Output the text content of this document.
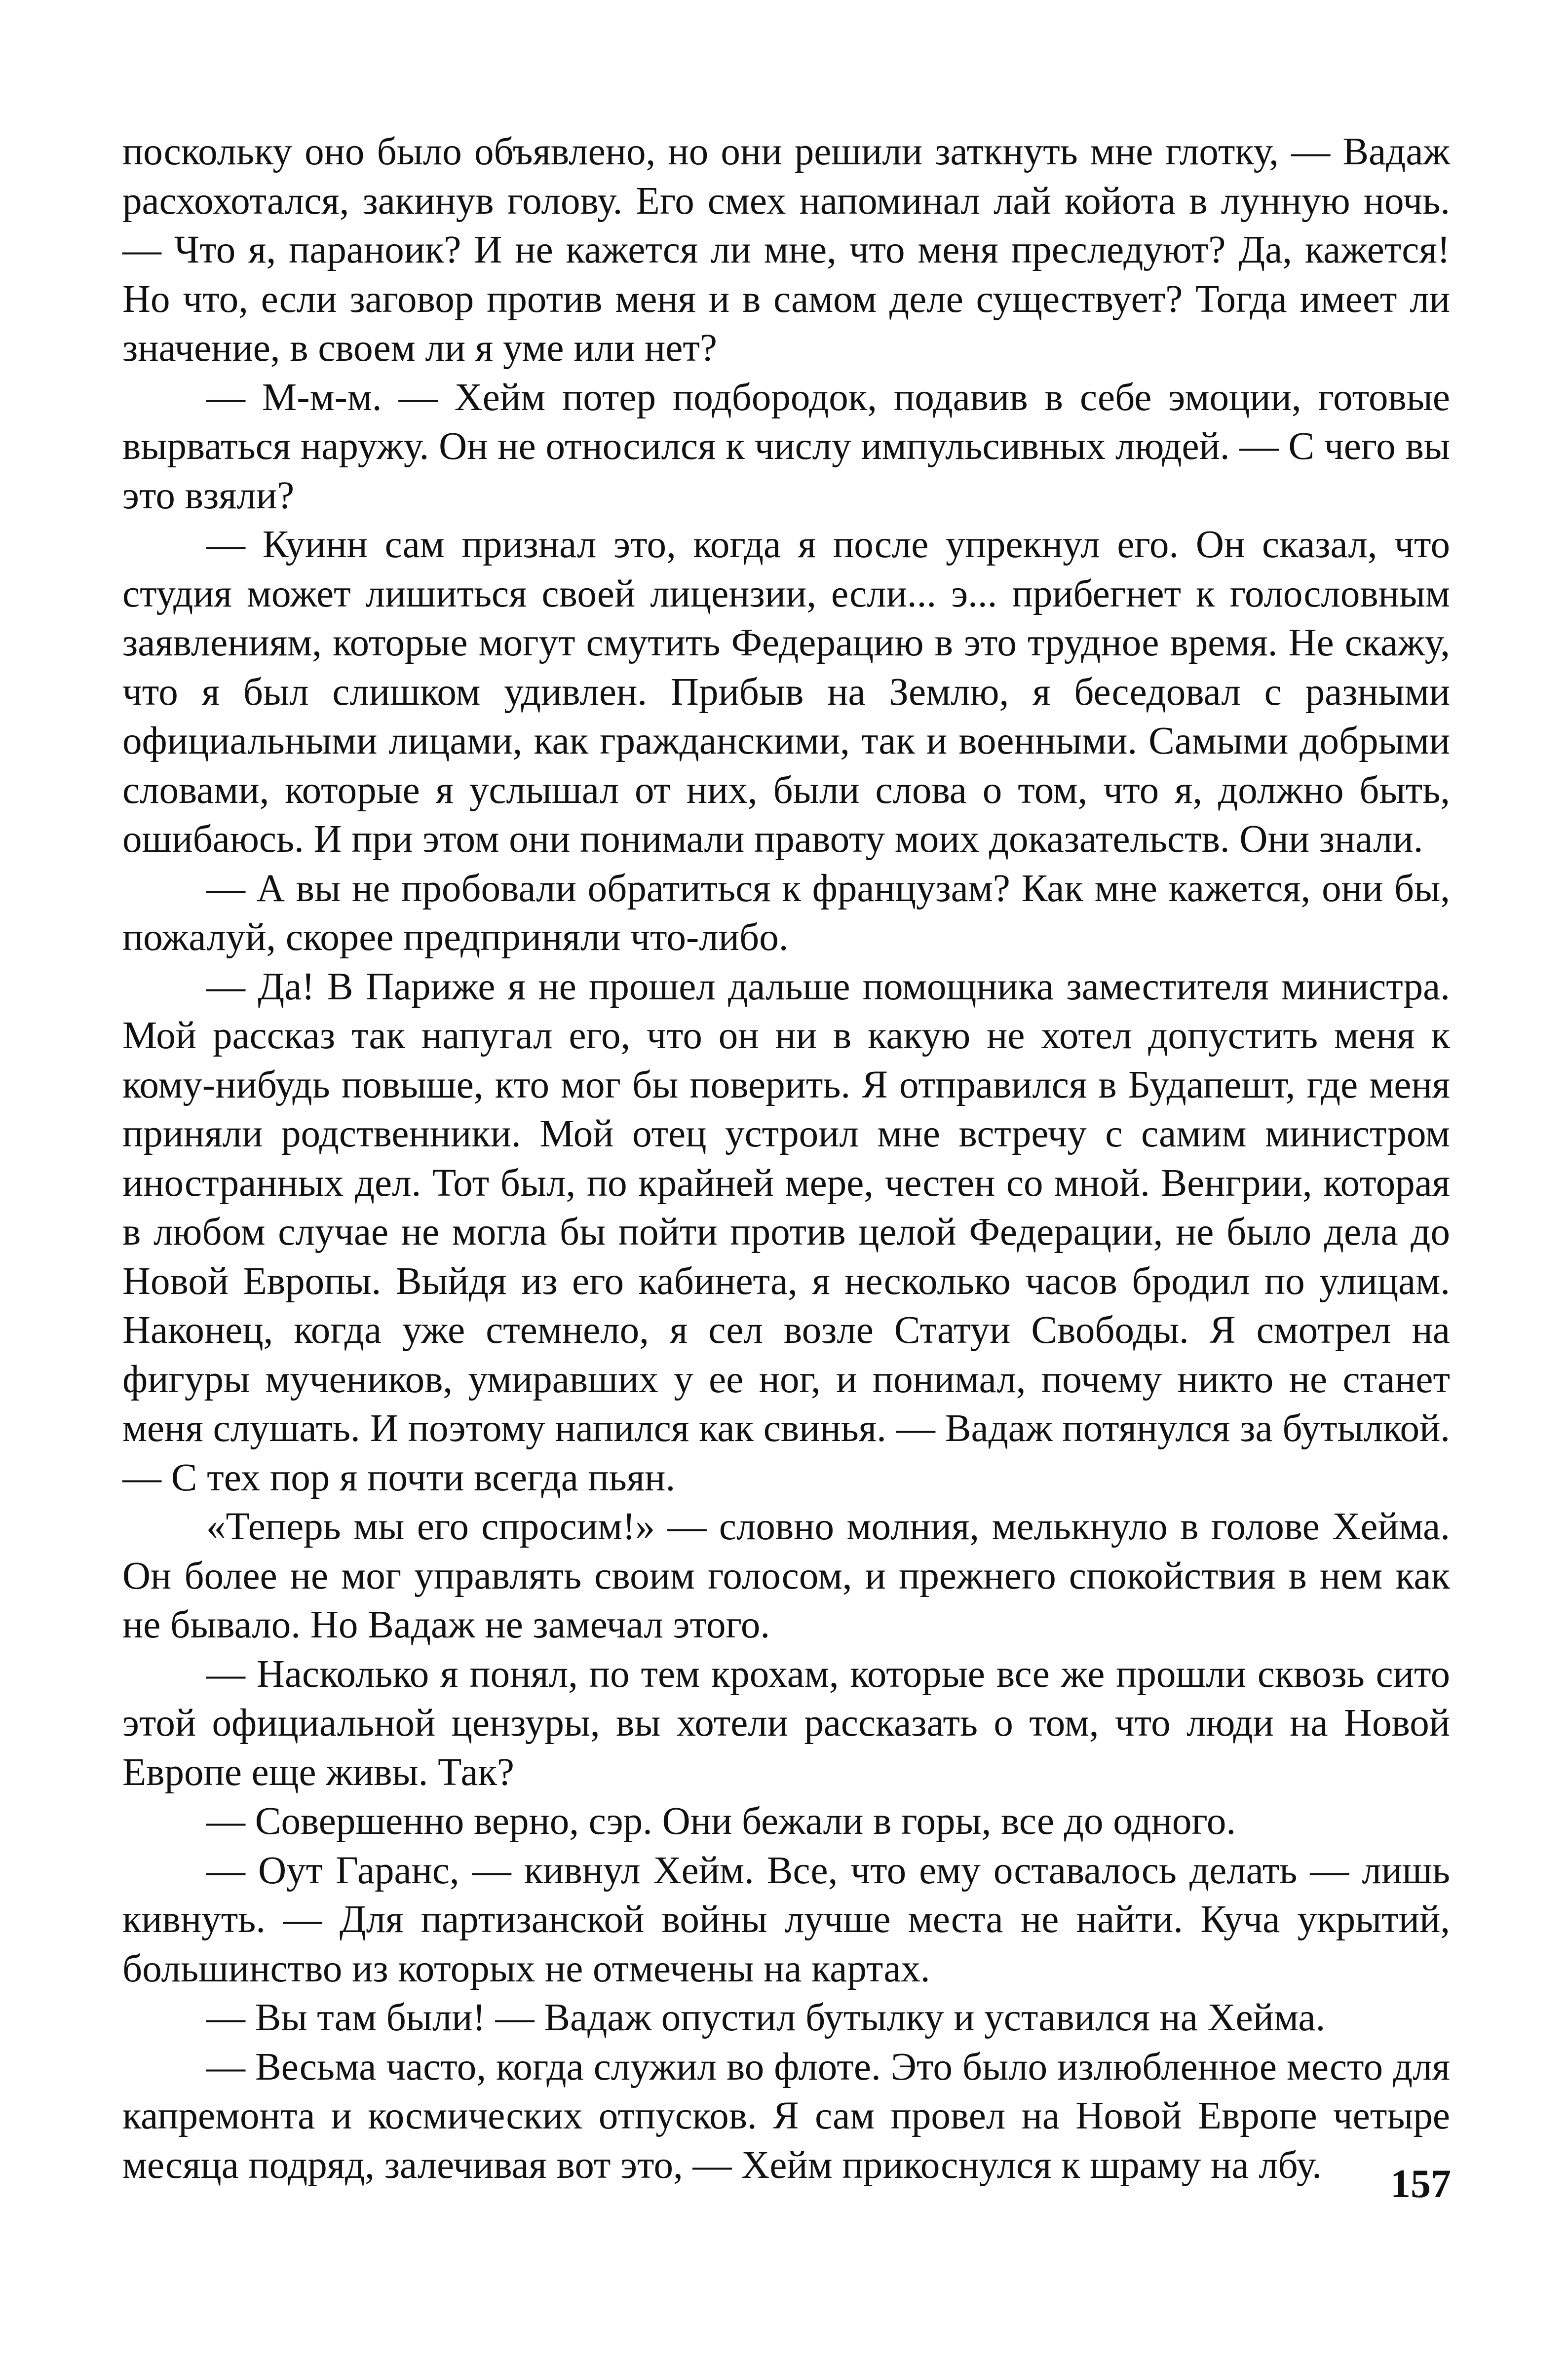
поскольку оно было объявлено, но они решили заткнуть мне глотку, — Вадаж расхохотался, закинув голову. Его смех напоминал лай койота в лунную ночь. — Что я, параноик? И не кажется ли мне, что меня преследуют? Да, кажется! Но что, если заговор против меня и в самом деле существует? Тогда имеет ли значение, в своем ли я уме или нет?

— М-м-м. — Хейм потер подбородок, подавив в себе эмоции, готовые вырваться наружу. Он не относился к числу импульсивных людей. — С чего вы это взяли?

— Куинн сам признал это, когда я после упрекнул его. Он сказал, что студия может лишиться своей лицензии, если... э... прибегнет к голословным заявлениям, которые могут смутить Федерацию в это трудное время. Не скажу, что я был слишком удивлен. Прибыв на Землю, я беседовал с разными официальными лицами, как гражданскими, так и военными. Самыми добрыми словами, которые я услышал от них, были слова о том, что я, должно быть, ошибаюсь. И при этом они понимали правоту моих доказательств. Они знали.

— А вы не пробовали обратиться к французам? Как мне кажется, они бы, пожалуй, скорее предприняли что-либо.

— Да! В Париже я не прошел дальше помощника заместителя министра. Мой рассказ так напугал его, что он ни в какую не хотел допустить меня к кому-нибудь повыше, кто мог бы поверить. Я отправился в Будапешт, где меня приняли родственники. Мой отец устроил мне встречу с самим министром иностранных дел. Тот был, по крайней мере, честен со мной. Венгрии, которая в любом случае не могла бы пойти против целой Федерации, не было дела до Новой Европы. Выйдя из его кабинета, я несколько часов бродил по улицам. Наконец, когда уже стемнело, я сел возле Статуи Свободы. Я смотрел на фигуры мучеников, умиравших у ее ног, и понимал, почему никто не станет меня слушать. И поэтому напился как свинья. — Вадаж потянулся за бутылкой. — С тех пор я почти всегда пьян.

«Теперь мы его спросим!» — словно молния, мелькнуло в голове Хейма. Он более не мог управлять своим голосом, и прежнего спокойствия в нем как не бывало. Но Вадаж не замечал этого.

— Насколько я понял, по тем крохам, которые все же прошли сквозь сито этой официальной цензуры, вы хотели рассказать о том, что люди на Новой Европе еще живы. Так?

— Совершенно верно, сэр. Они бежали в горы, все до одного.

— Оут Гаранс, — кивнул Хейм. Все, что ему оставалось делать — лишь кивнуть. — Для партизанской войны лучше места не найти. Куча укрытий, большинство из которых не отмечены на картах.

— Вы там были! — Вадаж опустил бутылку и уставился на Хейма.

— Весьма часто, когда служил во флоте. Это было излюбленное место для капремонта и космических отпусков. Я сам провел на Новой Европе четыре месяца подряд, залечивая вот это, — Хейм прикоснулся к шраму на лбу.	157
